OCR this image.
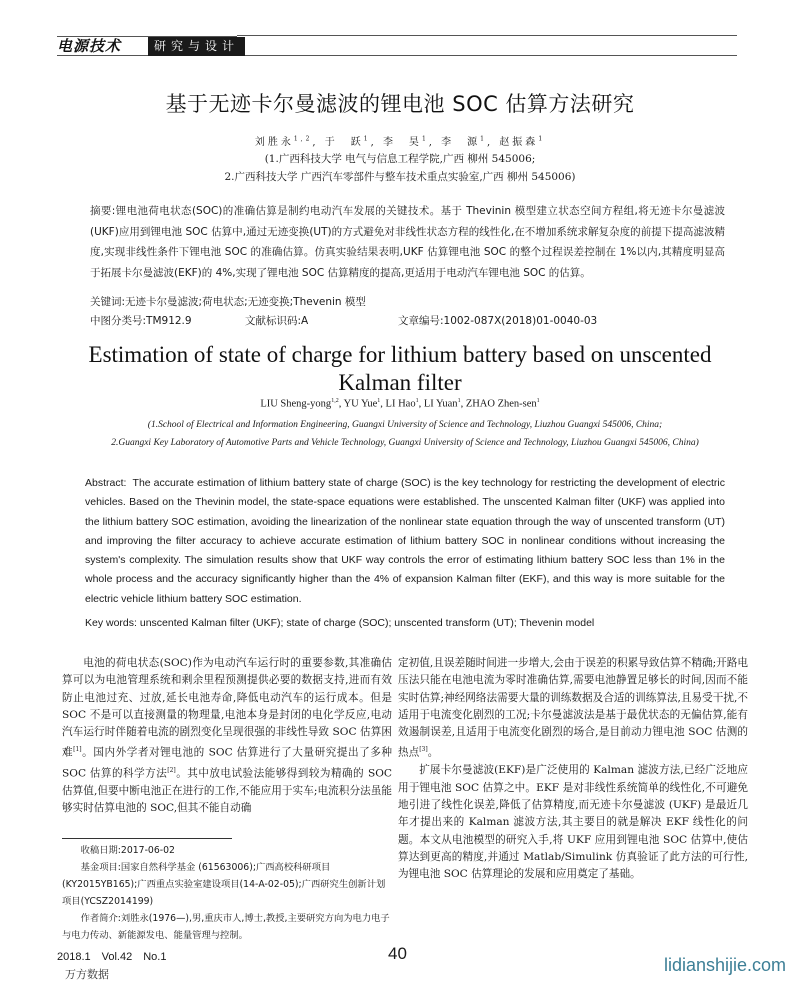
电源技术	研究与设计
基于无迹卡尔曼滤波的锂电池 SOC 估算方法研究
刘胜永$^{1,2}$, 于　跃$^1$, 李　昊$^1$, 李　源$^1$, 赵振森$^1$
(1.广西科技大学 电气与信息工程学院,广西 柳州 545006;
2.广西科技大学 广西汽车零部件与整车技术重点实验室,广西 柳州 545006)
摘要:锂电池荷电状态(SOC)的准确估算是制约电动汽车发展的关键技术。基于 Thevinin 模型建立状态空间方程组,将无迹卡尔曼滤波(UKF)应用到锂电池 SOC 估算中,通过无迹变换(UT)的方式避免对非线性状态方程的线性化,在不增加系统求解复杂度的前提下提高滤波精度,实现非线性条件下锂电池 SOC 的准确估算。仿真实验结果表明,UKF 估算锂电池 SOC 的整个过程误差控制在 1%以内,其精度明显高于拓展卡尔曼滤波(EKF)的 4%,实现了锂电池 SOC 估算精度的提高,更适用于电动汽车锂电池 SOC 的估算。
关键词:无迹卡尔曼滤波;荷电状态;无迹变换;Thevenin 模型
中图分类号:TM912.9	文献标识码:A	文章编号:1002-087X(2018)01-0040-03
Estimation of state of charge for lithium battery based on unscented
Kalman filter
LIU Sheng-yong$^{1,2}$, YU Yue$^1$, LI Hao$^1$, LI Yuan$^1$, ZHAO Zhen-sen$^1$
(1.School of Electrical and Information Engineering, Guangxi University of Science and Technology, Liuzhou Guangxi 545006, China;
2.Guangxi Key Laboratory of Automotive Parts and Vehicle Technology, Guangxi University of Science and Technology, Liuzhou Guangxi 545006, China)
Abstract: The accurate estimation of lithium battery state of charge (SOC) is the key technology for restricting the development of electric vehicles. Based on the Thevinin model, the state-space equations were established. The unscented Kalman filter (UKF) was applied into the lithium battery SOC estimation, avoiding the linearization of the nonlinear state equation through the way of unscented transform (UT) and improving the filter accuracy to achieve accurate estimation of lithium battery SOC in nonlinear conditions without increasing the system's complexity. The simulation results show that UKF way controls the error of estimating lithium battery SOC less than 1% in the whole process and the accuracy significantly higher than the 4% of expansion Kalman filter (EKF), and this way is more suitable for the electric vehicle lithium battery SOC estimation.
Key words: unscented Kalman filter (UKF); state of charge (SOC); unscented transform (UT); Thevenin model

电池的荷电状态(SOC)作为电动汽车运行时的重要参数,其准确估算可以为电池管理系统和剩余里程预测提供必要的数据支持,进而有效防止电池过充、过放,延长电池寿命,降低电动汽车的运行成本。但是 SOC 不是可以直接测量的物理量,电池本身是封闭的电化学反应,电动汽车运行时伴随着电流的剧烈变化呈现很强的非线性导致 SOC 估算困难[1]。国内外学者对锂电池的 SOC 估算进行了大量研究提出了多种 SOC 估算的科学方法[2]。其中放电试验法能够得到较为精确的 SOC 估算值,但要中断电池正在进行的工作,不能应用于实车;电流积分法虽能够实时估算电池的 SOC,但其不能自动确

定初值,且误差随时间进一步增大,会由于误差的积累导致估算不精确;开路电压法只能在电池电流为零时准确估算,需要电池静置足够长的时间,因而不能实时估算;神经网络法需要大量的训练数据及合适的训练算法,且易受干扰,不适用于电流变化剧烈的工况;卡尔曼滤波法是基于最优状态的无偏估算,能有效遏制误差,且适用于电流变化剧烈的场合,是目前动力锂电池 SOC 估测的热点[3]。

扩展卡尔曼滤波(EKF)是广泛使用的 Kalman 滤波方法,已经广泛地应用于锂电池 SOC 估算之中。EKF 是对非线性系统简单的线性化,不可避免地引进了线性化误差,降低了估算精度,而无迹卡尔曼滤波 (UKF) 是最近几年才提出来的 Kalman 滤波方法,其主要目的就是解决 EKF 线性化的问题。本文从电池模型的研究入手,将 UKF 应用到锂电池 SOC 估算中,使估算达到更高的精度,并通过 Matlab/Simulink 仿真验证了此方法的可行性,为锂电池 SOC 估算理论的发展和应用奠定了基础。

收稿日期:2017-06-02

基金项目:国家自然科学基金 (61563006);广西高校科研项目(KY2015YB165);广西重点实验室建设项目(14-A-02-05);广西研究生创新计划项目(YCSZ2014199)

作者简介:刘胜永(1976—),男,重庆市人,博士,教授,主要研究方向为电力电子与电力传动、新能源发电、能量管理与控制。

2018.1　Vol.42　No.1	40
万方数据	lidianshijie.com
